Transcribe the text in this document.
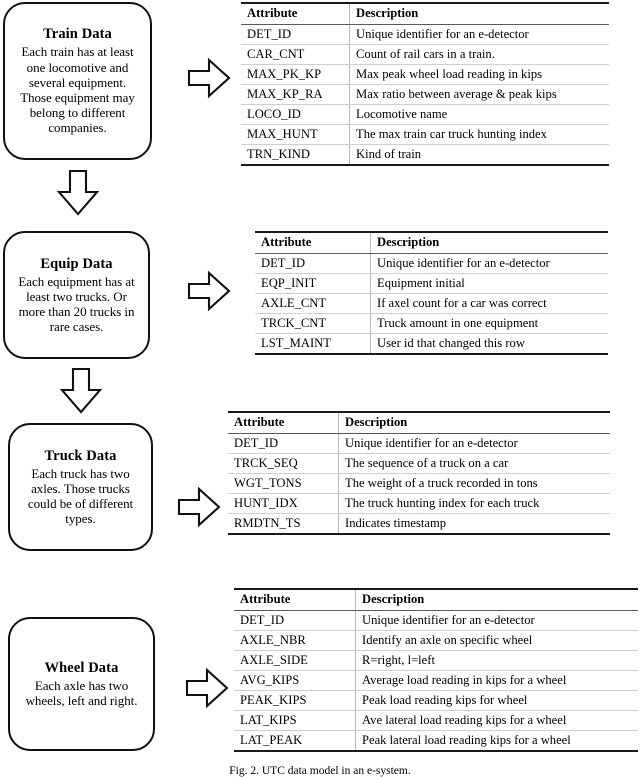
Train Data
Each train has at least one locomotive and several equipment. Those equipment may belong to different companies.
Equip Data
Each equipment has at least two trucks. Or more than 20 trucks in rare cases.
Truck Data
Each truck has two axles. Those trucks could be of different types.
Wheel Data
Each axle has two wheels, left and right.
Attribute	Description
DET_ID	Unique identifier for an e-detector
CAR_CNT	Count of rail cars in a train.
MAX_PK_KP	Max peak wheel load reading in kips
MAX_KP_RA	Max ratio between average & peak kips
LOCO_ID	Locomotive name
MAX_HUNT	The max train car truck hunting index
TRN_KIND	Kind of train
Attribute	Description
DET_ID	Unique identifier for an e-detector
EQP_INIT	Equipment initial
AXLE_CNT	If axel count for a car was correct
TRCK_CNT	Truck amount in one equipment
LST_MAINT	User id that changed this row
Attribute	Description
DET_ID	Unique identifier for an e-detector
TRCK_SEQ	The sequence of a truck on a car
WGT_TONS	The weight of a truck recorded in tons
HUNT_IDX	The truck hunting index for each truck
RMDTN_TS	Indicates timestamp
Attribute	Description
DET_ID	Unique identifier for an e-detector
AXLE_NBR	Identify an axle on specific wheel
AXLE_SIDE	R=right, l=left
AVG_KIPS	Average load reading in kips for a wheel
PEAK_KIPS	Peak load reading kips for wheel
LAT_KIPS	Ave lateral load reading kips for a wheel
LAT_PEAK	Peak lateral load reading kips for a wheel
Fig. 2. UTC data model in an e-system.
